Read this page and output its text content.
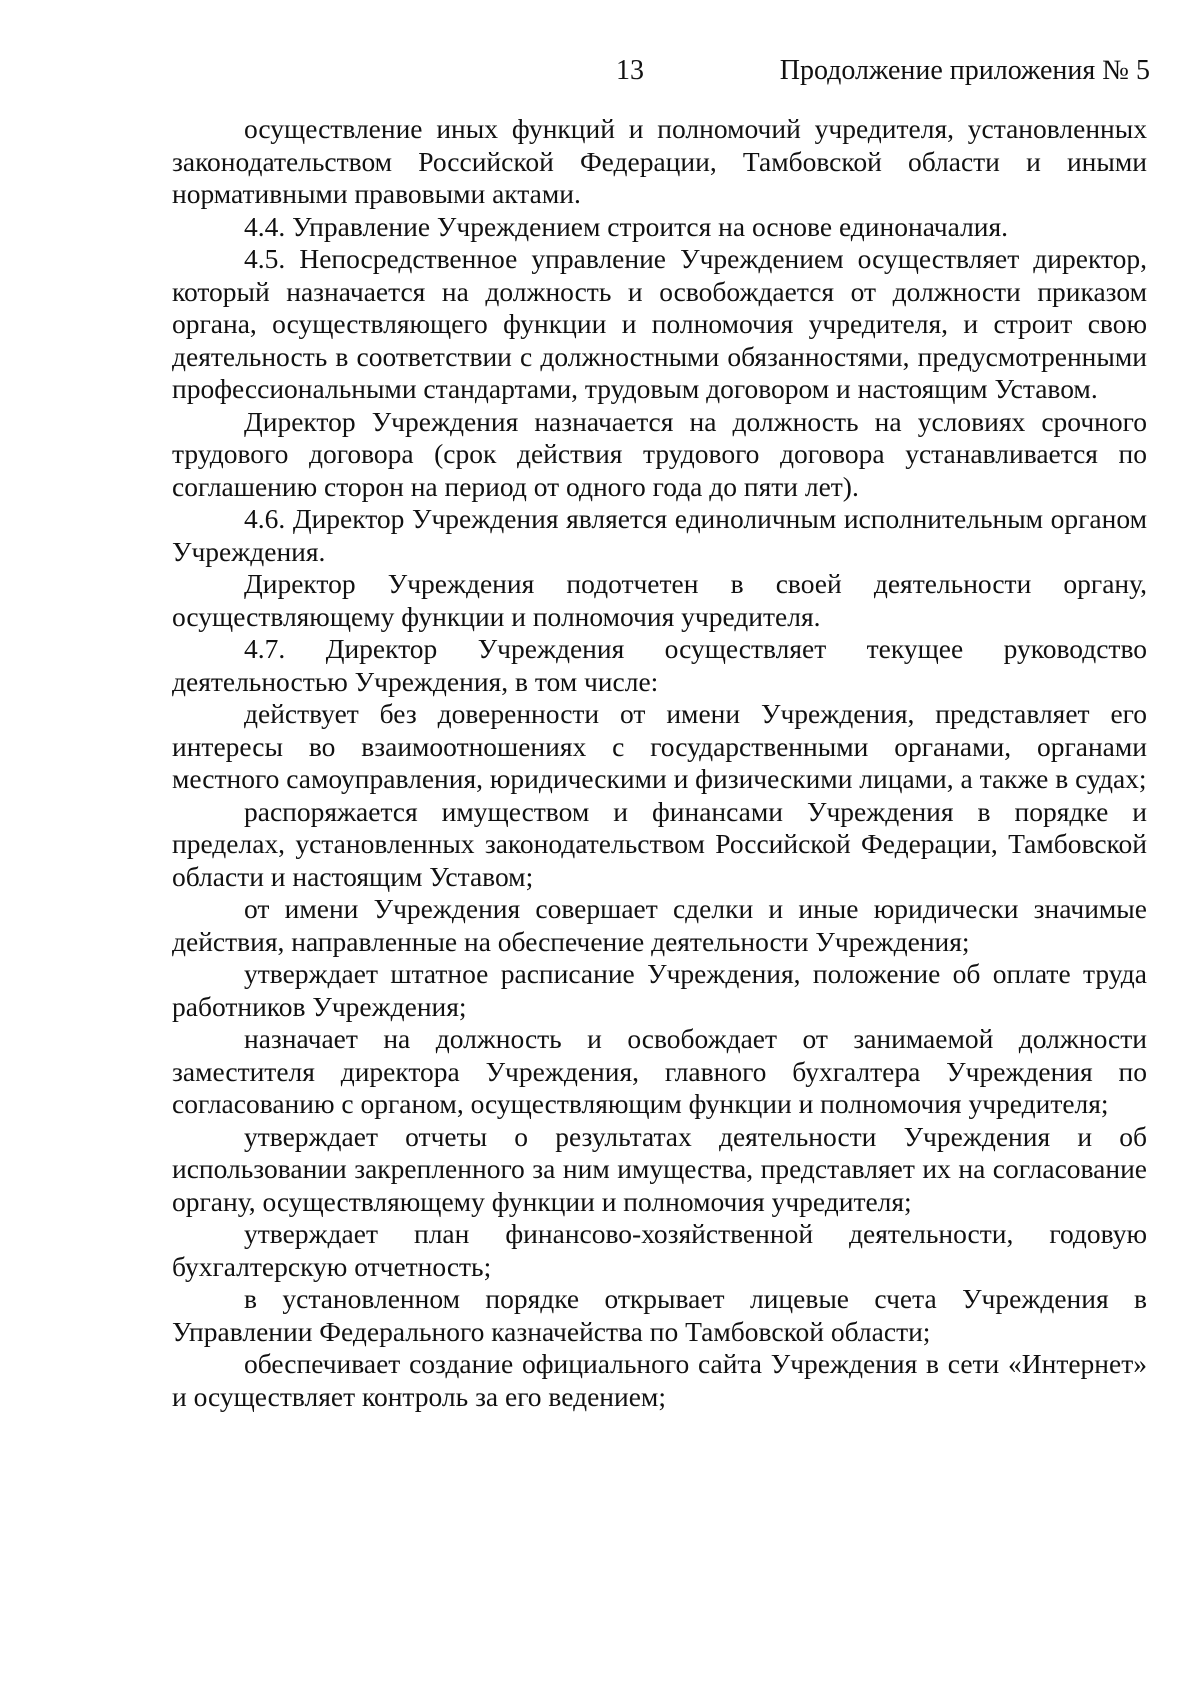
13	Продолжение приложения № 5

осуществление иных функций и полномочий учредителя, установленных законодательством Российской Федерации, Тамбовской области и иными нормативными правовыми актами.

4.4. Управление Учреждением строится на основе единоначалия.

4.5. Непосредственное управление Учреждением осуществляет директор, который назначается на должность и освобождается от должности приказом органа, осуществляющего функции и полномочия учредителя, и строит свою деятельность в соответствии с должностными обязанностями, предусмотренными профессиональными стандартами, трудовым договором и настоящим Уставом.

Директор Учреждения назначается на должность на условиях срочного трудового договора (срок действия трудового договора устанавливается по соглашению сторон на период от одного года до пяти лет).

4.6. Директор Учреждения является единоличным исполнительным органом Учреждения.

Директор Учреждения подотчетен в своей деятельности органу, осуществляющему функции и полномочия учредителя.

4.7. Директор Учреждения осуществляет текущее руководство деятельностью Учреждения, в том числе:

действует без доверенности от имени Учреждения, представляет его интересы во взаимоотношениях с государственными органами, органами местного самоуправления, юридическими и физическими лицами, а также в судах;

распоряжается имуществом и финансами Учреждения в порядке и пределах, установленных законодательством Российской Федерации, Тамбовской области и настоящим Уставом;

от имени Учреждения совершает сделки и иные юридически значимые действия, направленные на обеспечение деятельности Учреждения;

утверждает штатное расписание Учреждения, положение об оплате труда работников Учреждения;

назначает на должность и освобождает от занимаемой должности заместителя директора Учреждения, главного бухгалтера Учреждения по согласованию с органом, осуществляющим функции и полномочия учредителя;

утверждает отчеты о результатах деятельности Учреждения и об использовании закрепленного за ним имущества, представляет их на согласование органу, осуществляющему функции и полномочия учредителя;

утверждает план финансово-хозяйственной деятельности, годовую бухгалтерскую отчетность;

в установленном порядке открывает лицевые счета Учреждения в Управлении Федерального казначейства по Тамбовской области;

обеспечивает создание официального сайта Учреждения в сети «Интернет» и осуществляет контроль за его ведением;
